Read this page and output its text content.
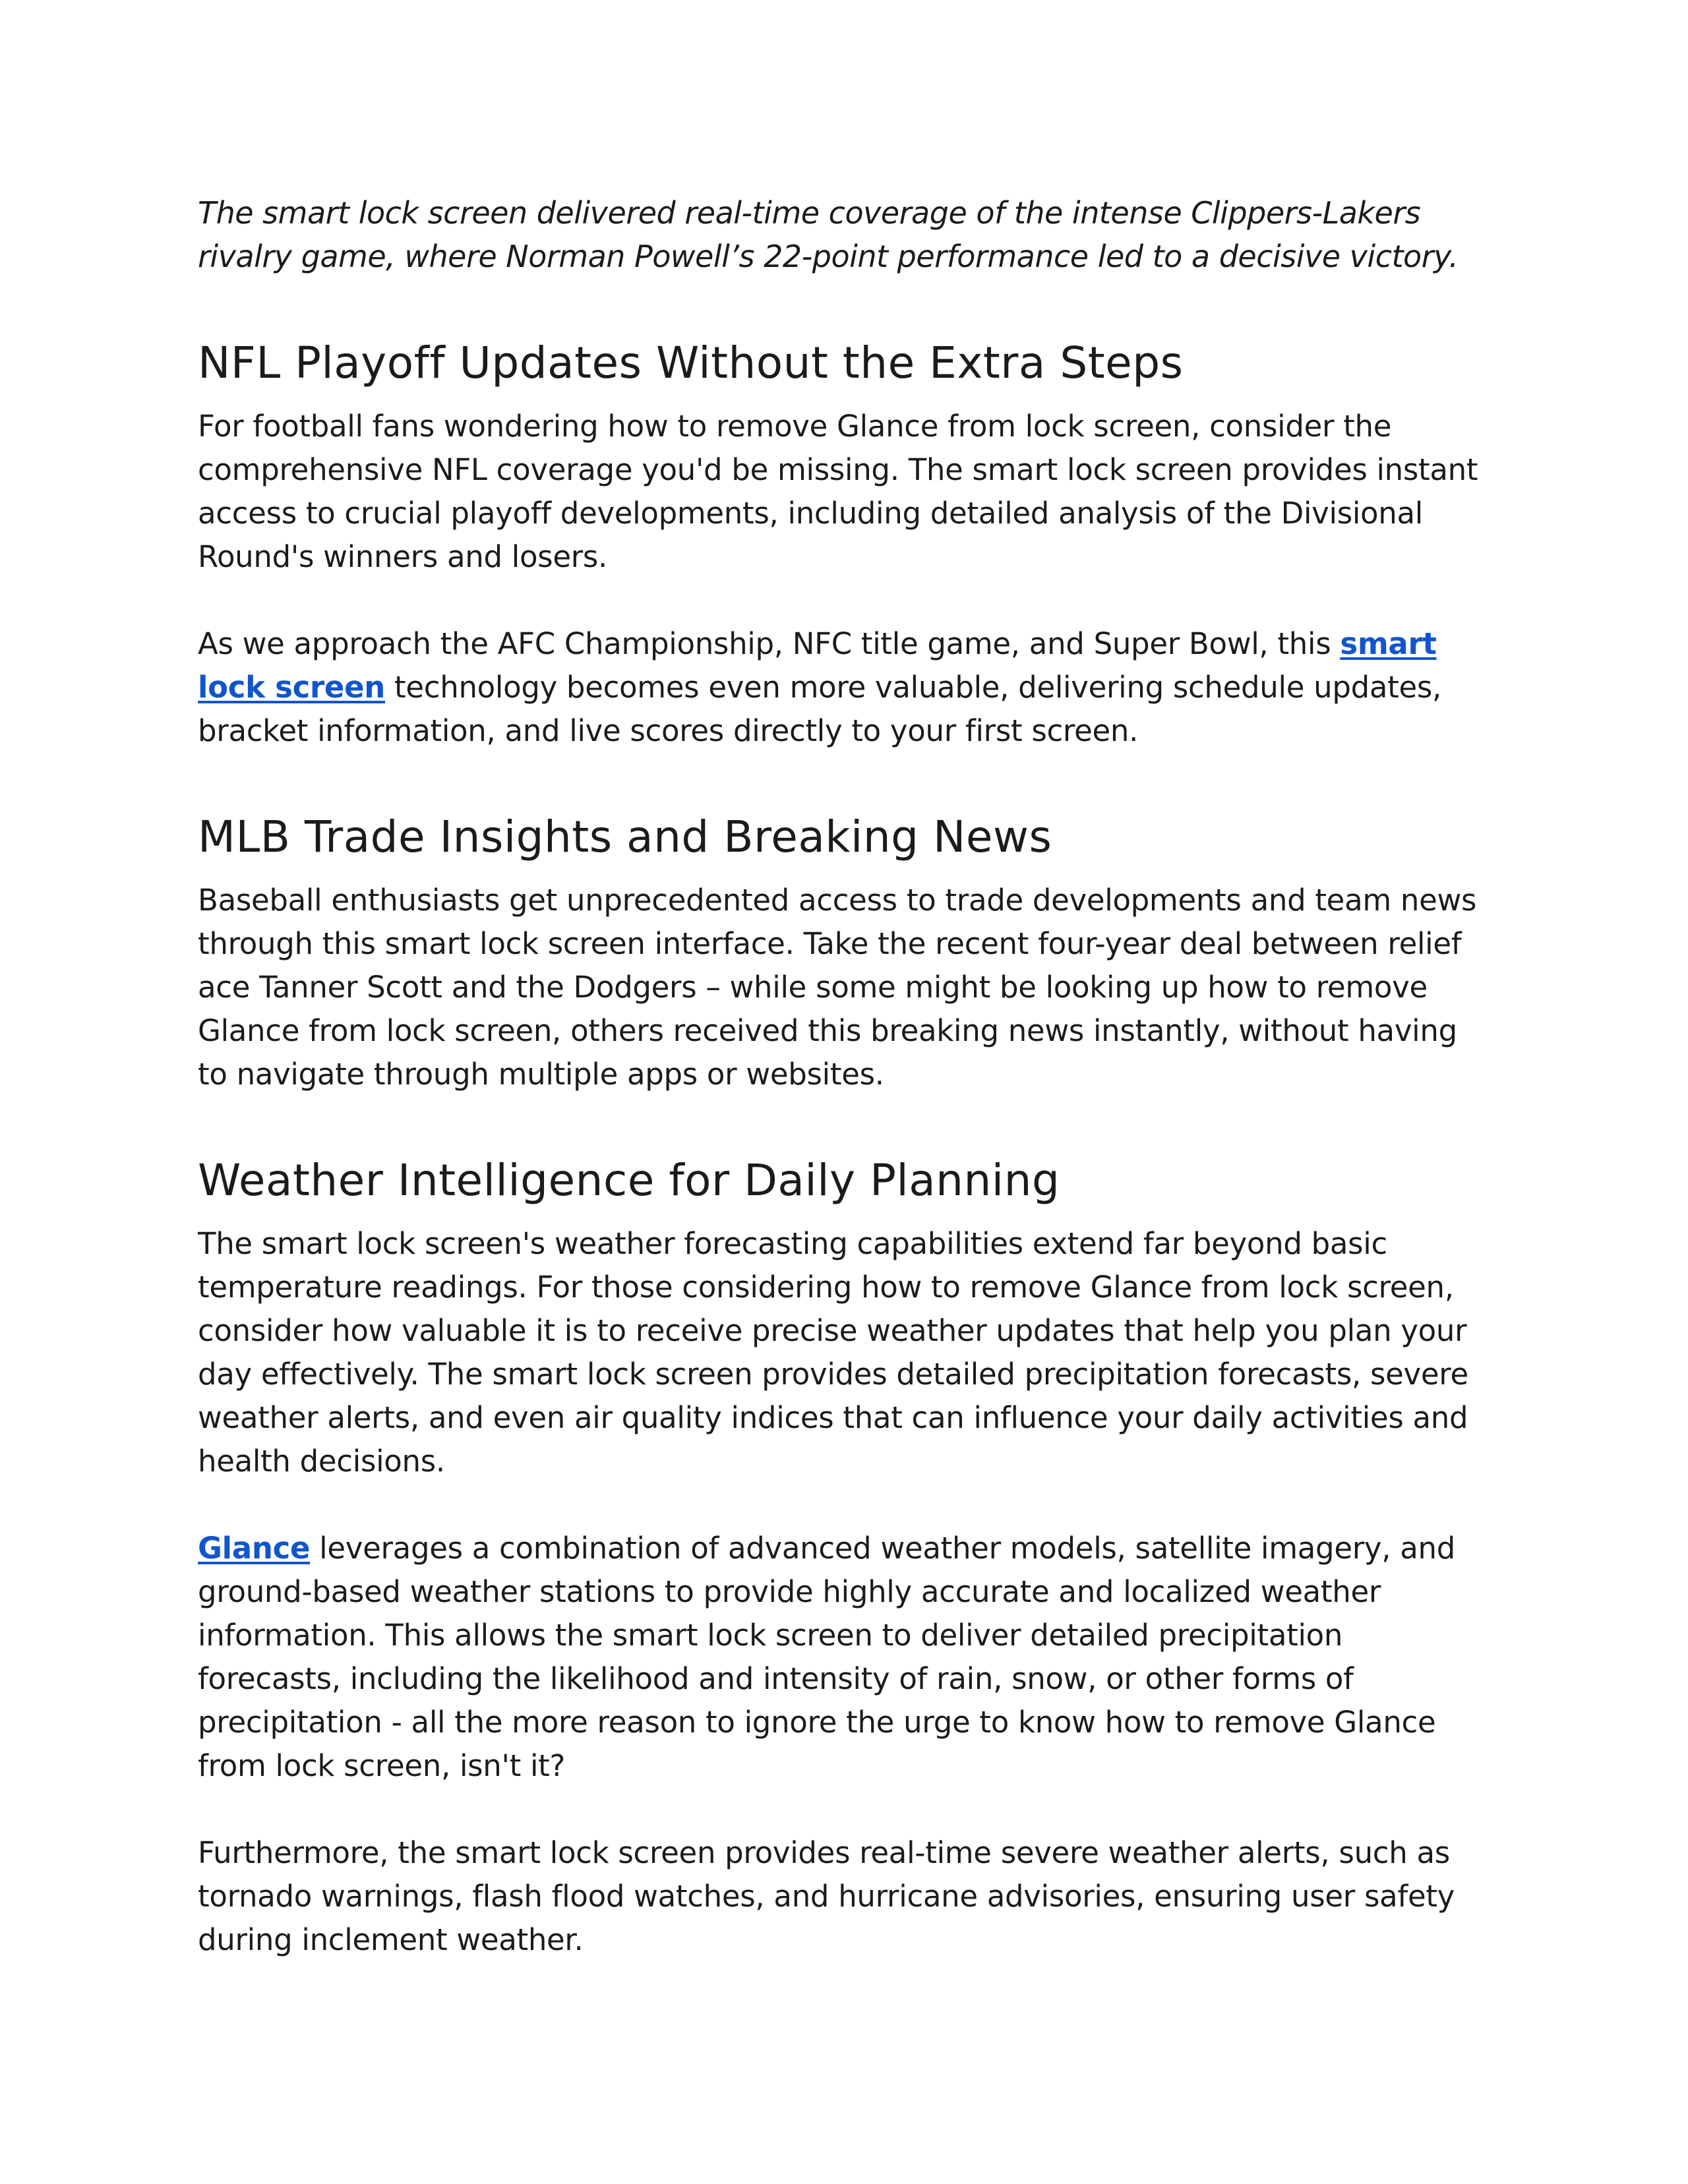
The smart lock screen delivered real-time coverage of the intense Clippers-Lakers rivalry game, where Norman Powell’s 22-point performance led to a decisive victory.

NFL Playoff Updates Without the Extra Steps

For football fans wondering how to remove Glance from lock screen, consider the comprehensive NFL coverage you'd be missing. The smart lock screen provides instant access to crucial playoff developments, including detailed analysis of the Divisional Round's winners and losers.

As we approach the AFC Championship, NFC title game, and Super Bowl, this smart lock screen technology becomes even more valuable, delivering schedule updates, bracket information, and live scores directly to your first screen.

MLB Trade Insights and Breaking News

Baseball enthusiasts get unprecedented access to trade developments and team news through this smart lock screen interface. Take the recent four-year deal between relief ace Tanner Scott and the Dodgers – while some might be looking up how to remove Glance from lock screen, others received this breaking news instantly, without having to navigate through multiple apps or websites.

Weather Intelligence for Daily Planning

The smart lock screen's weather forecasting capabilities extend far beyond basic temperature readings. For those considering how to remove Glance from lock screen, consider how valuable it is to receive precise weather updates that help you plan your day effectively. The smart lock screen provides detailed precipitation forecasts, severe weather alerts, and even air quality indices that can influence your daily activities and health decisions.

Glance leverages a combination of advanced weather models, satellite imagery, and ground-based weather stations to provide highly accurate and localized weather information. This allows the smart lock screen to deliver detailed precipitation forecasts, including the likelihood and intensity of rain, snow, or other forms of precipitation - all the more reason to ignore the urge to know how to remove Glance from lock screen, isn't it?

Furthermore, the smart lock screen provides real-time severe weather alerts, such as tornado warnings, flash flood watches, and hurricane advisories, ensuring user safety during inclement weather.
